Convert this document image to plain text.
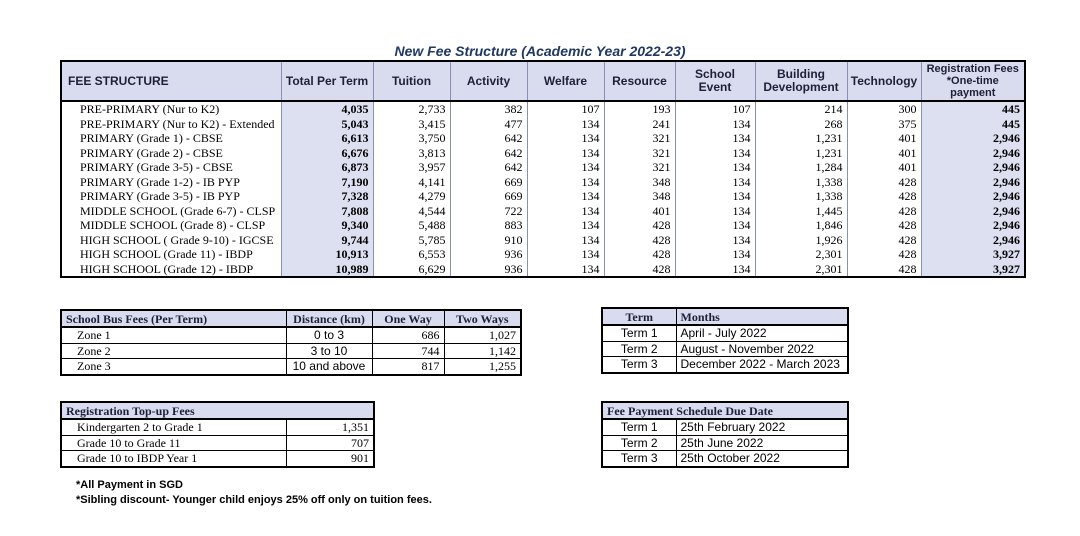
New Fee Structure (Academic Year 2022-23)
FEE STRUCTURE	Total Per Term	Tuition	Activity	Welfare	Resource	School Event	Building Development	Technology	Registration Fees *One-time payment
PRE-PRIMARY (Nur to K2)	4,035	2,733	382	107	193	107	214	300	445
PRE-PRIMARY (Nur to K2) - Extended	5,043	3,415	477	134	241	134	268	375	445
PRIMARY (Grade 1) - CBSE	6,613	3,750	642	134	321	134	1,231	401	2,946
PRIMARY (Grade 2) - CBSE	6,676	3,813	642	134	321	134	1,231	401	2,946
PRIMARY (Grade 3-5) - CBSE	6,873	3,957	642	134	321	134	1,284	401	2,946
PRIMARY (Grade 1-2) - IB PYP	7,190	4,141	669	134	348	134	1,338	428	2,946
PRIMARY (Grade 3-5) - IB PYP	7,328	4,279	669	134	348	134	1,338	428	2,946
MIDDLE SCHOOL (Grade 6-7) - CLSP	7,808	4,544	722	134	401	134	1,445	428	2,946
MIDDLE SCHOOL (Grade 8) - CLSP	9,340	5,488	883	134	428	134	1,846	428	2,946
HIGH SCHOOL ( Grade 9-10) - IGCSE	9,744	5,785	910	134	428	134	1,926	428	2,946
HIGH SCHOOL (Grade 11) - IBDP	10,913	6,553	936	134	428	134	2,301	428	3,927
HIGH SCHOOL (Grade 12) - IBDP	10,989	6,629	936	134	428	134	2,301	428	3,927
School Bus Fees (Per Term)	Distance (km)	One Way	Two Ways
Zone 1	0 to 3	686	1,027
Zone 2	3 to 10	744	1,142
Zone 3	10 and above	817	1,255
Term	Months
Term 1	April - July 2022
Term 2	August - November 2022
Term 3	December 2022 - March 2023
Registration Top-up Fees	
Kindergarten 2 to Grade 1	1,351
Grade 10 to Grade 11	707
Grade 10 to IBDP Year 1	901
Fee Payment Schedule Due Date	
Term 1	25th February 2022
Term 2	25th June 2022
Term 3	25th October 2022
*All Payment in SGD
*Sibling discount- Younger child enjoys 25% off only on tuition fees.
